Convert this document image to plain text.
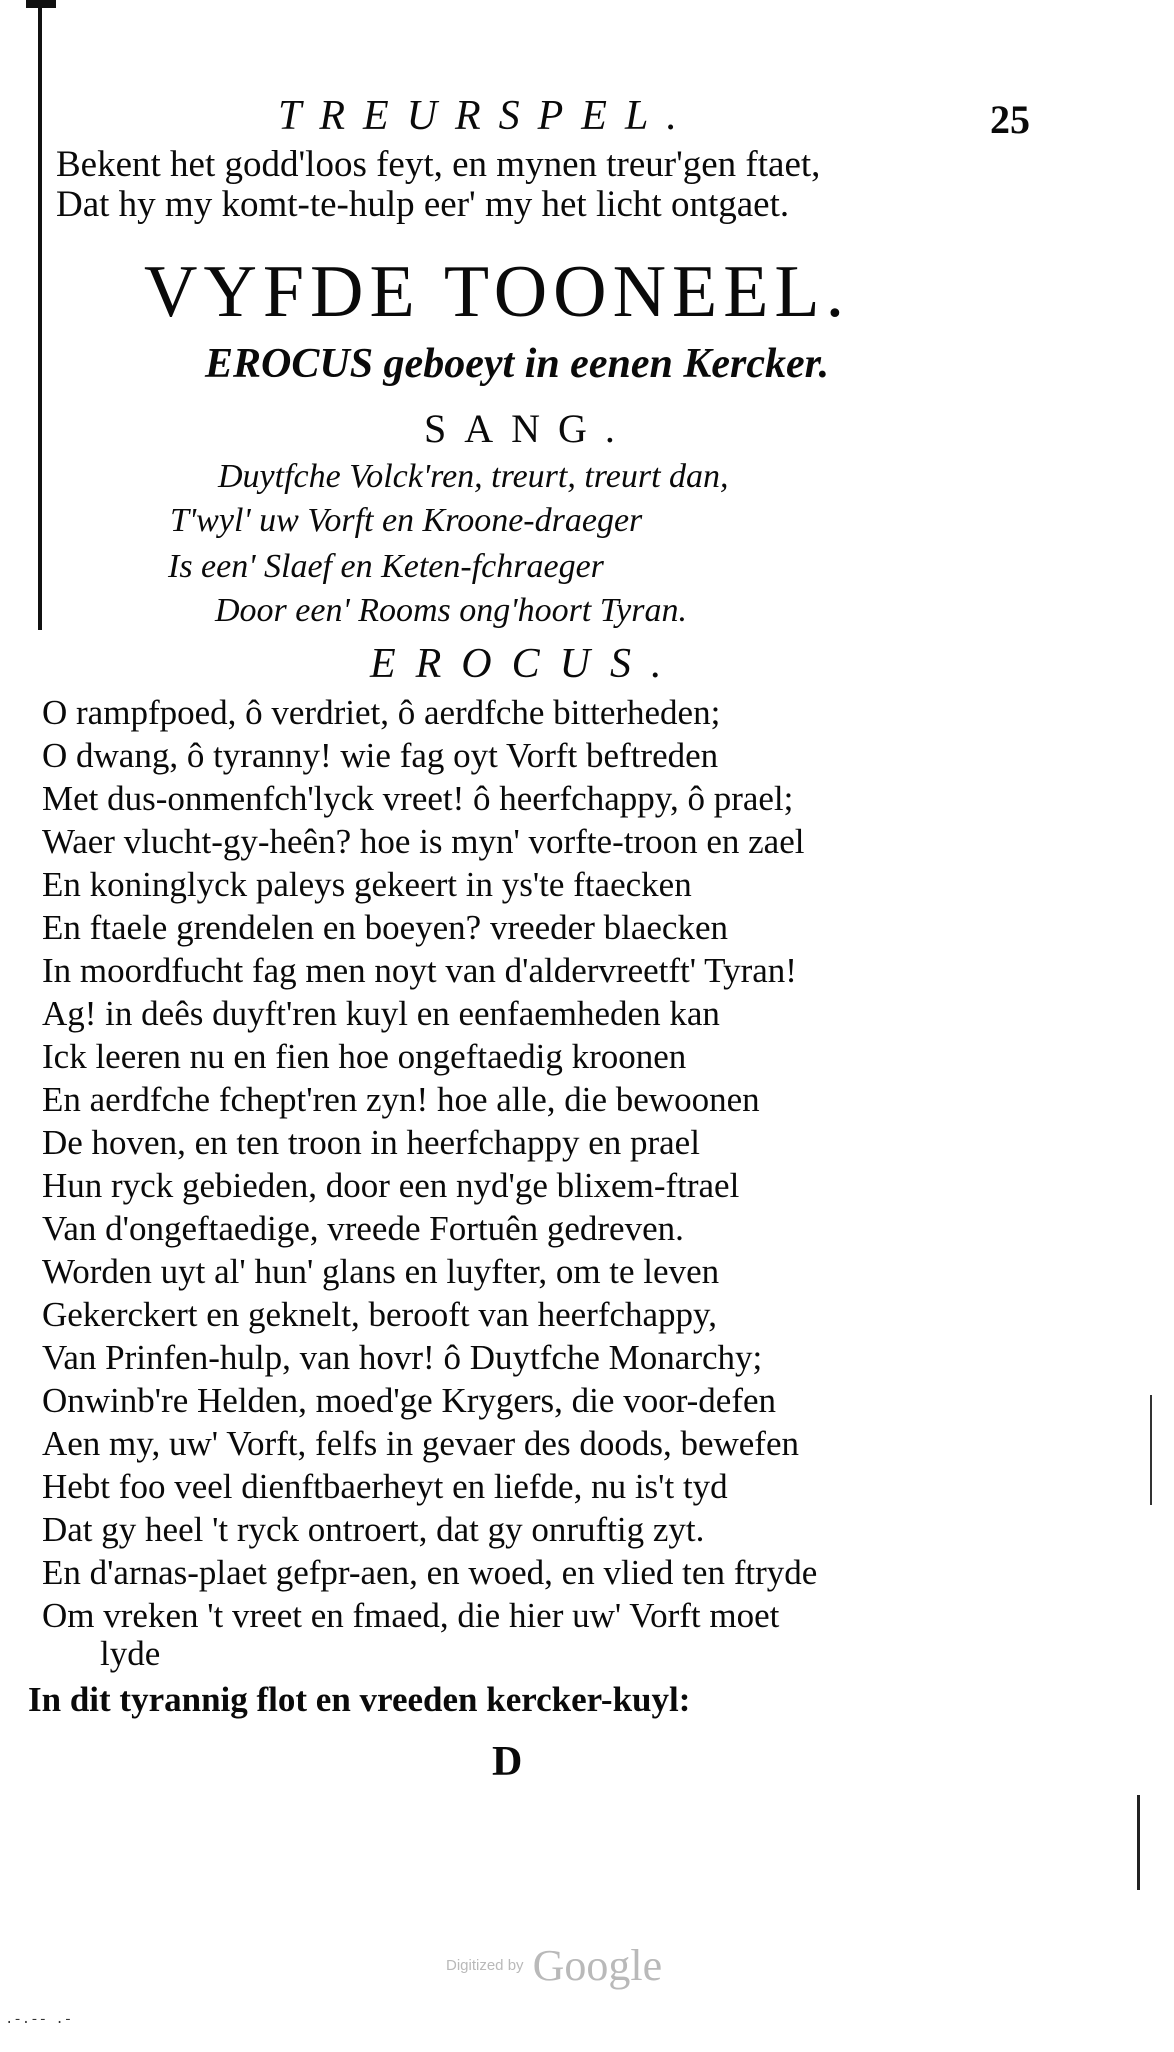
TREURSPEL.	25
Bekent het godd'loos feyt, en mynen treur'gen ftaet,
Dat hy my komt-te-hulp eer' my het licht ontgaet.
VYFDE TOONEEL.
EROCUS geboeyt in eenen Kercker.
SANG.
Duytfche Volck'ren, treurt, treurt dan,
T'wyl' uw Vorft en Kroone-draeger
Is een' Slaef en Keten-fchraeger
Door een' Rooms ong'hoort Tyran.
EROCUS.
O rampfpoed, ô verdriet, ô aerdfche bitterheden;
O dwang, ô tyranny! wie fag oyt Vorft beftreden
Met dus-onmenfch'lyck vreet! ô heerfchappy, ô prael;
Waer vlucht-gy-heên? hoe is myn' vorfte-troon en zael
En koninglyck paleys gekeert in ys'te ftaecken
En ftaele grendelen en boeyen? vreeder blaecken
In moordfucht fag men noyt van d'aldervreetft' Tyran!
Ag! in deês duyft'ren kuyl en eenfaemheden kan
Ick leeren nu en fien hoe ongeftaedig kroonen
En aerdfche fchept'ren zyn! hoe alle, die bewoonen
De hoven, en ten troon in heerfchappy en prael
Hun ryck gebieden, door een nyd'ge blixem-ftrael
Van d'ongeftaedige, vreede Fortuên gedreven.
Worden uyt al' hun' glans en luyfter, om te leven
Gekerckert en geknelt, berooft van heerfchappy,
Van Prinfen-hulp, van hovr! ô Duytfche Monarchy;
Onwinb're Helden, moed'ge Krygers, die voor-defen
Aen my, uw' Vorft, felfs in gevaer des doods, bewefen
Hebt foo veel dienftbaerheyt en liefde, nu is't tyd
Dat gy heel 't ryck ontroert, dat gy onruftig zyt.
En d'arnas-plaet gefpr-aen, en woed, en vlied ten ftryde
Om vreken 't vreet en fmaed, die hier uw' Vorft moet
lyde
In dit tyrannig flot en vreeden kercker-kuyl:
D
Digitized by Google
.-.-- .-
